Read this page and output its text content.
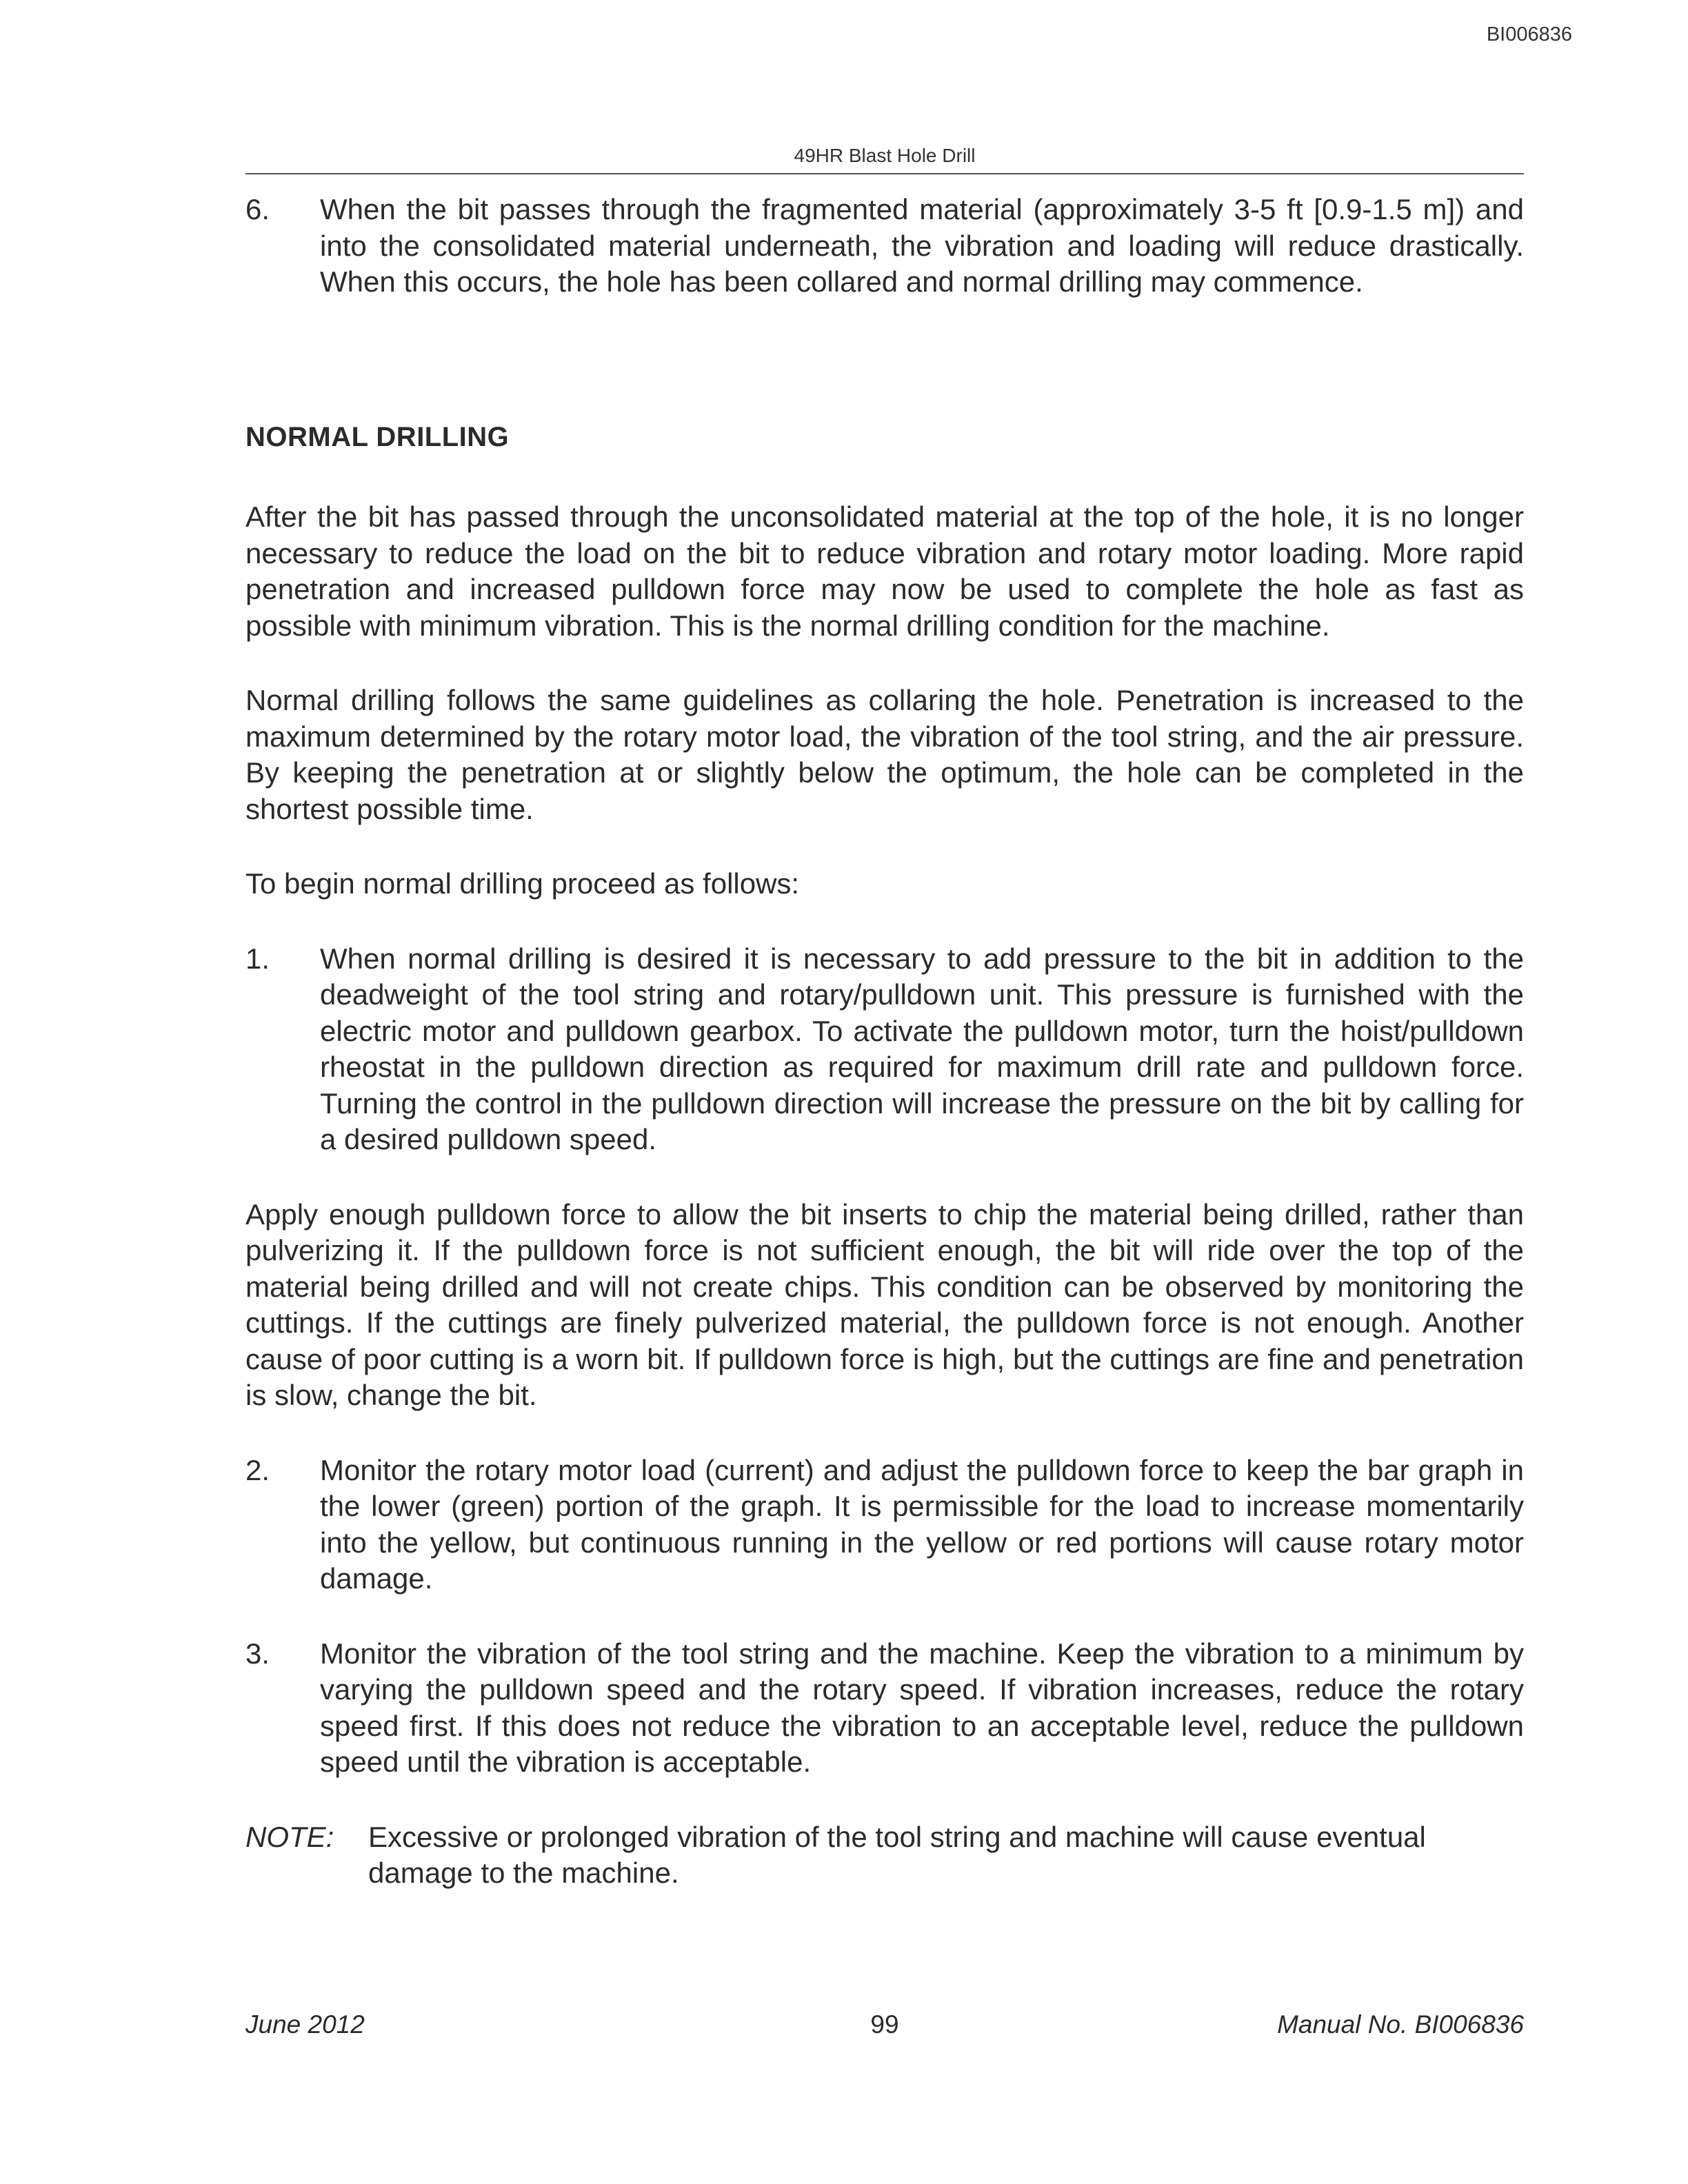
BI006836
49HR Blast Hole Drill
6.	When the bit passes through the fragmented material (approximately 3-5 ft [0.9-1.5 m]) and into the consolidated material underneath, the vibration and loading will reduce drastically. When this occurs, the hole has been collared and normal drilling may commence.

NORMAL DRILLING

After the bit has passed through the unconsolidated material at the top of the hole, it is no longer necessary to reduce the load on the bit to reduce vibration and rotary motor loading. More rapid penetration and increased pulldown force may now be used to complete the hole as fast as possible with minimum vibration. This is the normal drilling condition for the machine.

Normal drilling follows the same guidelines as collaring the hole. Penetration is increased to the maximum determined by the rotary motor load, the vibration of the tool string, and the air pressure. By keeping the penetration at or slightly below the optimum, the hole can be completed in the shortest possible time.

To begin normal drilling proceed as follows:

1.	When normal drilling is desired it is necessary to add pressure to the bit in addition to the deadweight of the tool string and rotary/pulldown unit. This pressure is furnished with the electric motor and pulldown gearbox. To activate the pulldown motor, turn the hoist/pulldown rheostat in the pulldown direction as required for maximum drill rate and pulldown force. Turning the control in the pulldown direction will increase the pressure on the bit by calling for a desired pulldown speed.

Apply enough pulldown force to allow the bit inserts to chip the material being drilled, rather than pulverizing it. If the pulldown force is not sufficient enough, the bit will ride over the top of the material being drilled and will not create chips. This condition can be observed by monitoring the cuttings. If the cuttings are finely pulverized material, the pulldown force is not enough. Another cause of poor cutting is a worn bit. If pulldown force is high, but the cuttings are fine and penetration is slow, change the bit.

2.	Monitor the rotary motor load (current) and adjust the pulldown force to keep the bar graph in the lower (green) portion of the graph. It is permissible for the load to increase momentarily into the yellow, but continuous running in the yellow or red portions will cause rotary motor damage.
3.	Monitor the vibration of the tool string and the machine. Keep the vibration to a minimum by varying the pulldown speed and the rotary speed. If vibration increases, reduce the rotary speed first. If this does not reduce the vibration to an acceptable level, reduce the pulldown speed until the vibration is acceptable.
NOTE:	Excessive or prolonged vibration of the tool string and machine will cause eventual damage to the machine.
June 2012	99	Manual No. BI006836
